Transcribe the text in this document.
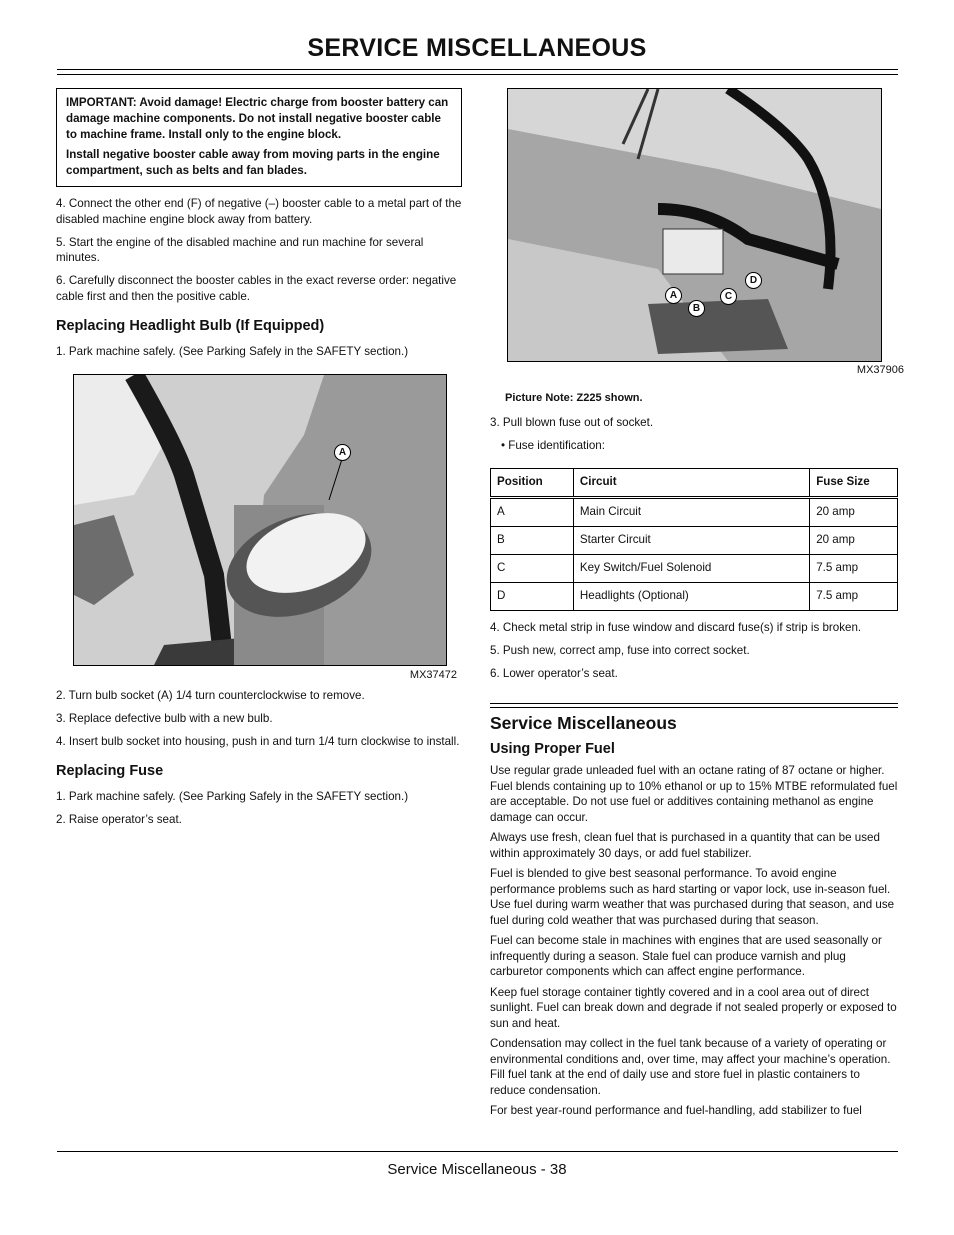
SERVICE MISCELLANEOUS

IMPORTANT: Avoid damage! Electric charge from booster battery can damage machine components. Do not install negative booster cable to machine frame. Install only to the engine block.

Install negative booster cable away from moving parts in the engine compartment, such as belts and fan blades.

4. Connect the other end (F) of negative (–) booster cable to a metal part of the disabled machine engine block away from battery.

5. Start the engine of the disabled machine and run machine for several minutes.

6. Carefully disconnect the booster cables in the exact reverse order: negative cable first and then the positive cable.

Replacing Headlight Bulb (If Equipped)

1. Park machine safely. (See Parking Safely in the SAFETY section.)

A
MX37472

2. Turn bulb socket (A) 1/4 turn counterclockwise to remove.

3. Replace defective bulb with a new bulb.

4. Insert bulb socket into housing, push in and turn 1/4 turn clockwise to install.

Replacing Fuse

1. Park machine safely. (See Parking Safely in the SAFETY section.)

2. Raise operator’s seat.

A
B
C
D
MX37906
Picture Note: Z225 shown.

3. Pull blown fuse out of socket.

• Fuse identification:

Position	Circuit	Fuse Size
A	Main Circuit	20 amp
B	Starter Circuit	20 amp
C	Key Switch/Fuel Solenoid	7.5 amp
D	Headlights (Optional)	7.5 amp

4. Check metal strip in fuse window and discard fuse(s) if strip is broken.

5. Push new, correct amp, fuse into correct socket.

6. Lower operator’s seat.

Service Miscellaneous
Using Proper Fuel

Use regular grade unleaded fuel with an octane rating of 87 octane or higher. Fuel blends containing up to 10% ethanol or up to 15% MTBE reformulated fuel are acceptable. Do not use fuel or additives containing methanol as engine damage can occur.

Always use fresh, clean fuel that is purchased in a quantity that can be used within approximately 30 days, or add fuel stabilizer.

Fuel is blended to give best seasonal performance. To avoid engine performance problems such as hard starting or vapor lock, use in-season fuel. Use fuel during warm weather that was purchased during that season, and use fuel during cold weather that was purchased during that season.

Fuel can become stale in machines with engines that are used seasonally or infrequently during a season. Stale fuel can produce varnish and plug carburetor components which can affect engine performance.

Keep fuel storage container tightly covered and in a cool area out of direct sunlight. Fuel can break down and degrade if not sealed properly or exposed to sun and heat.

Condensation may collect in the fuel tank because of a variety of operating or environmental conditions and, over time, may affect your machine’s operation. Fill fuel tank at the end of daily use and store fuel in plastic containers to reduce condensation.

For best year-round performance and fuel-handling, add stabilizer to fuel

Service Miscellaneous - 38
